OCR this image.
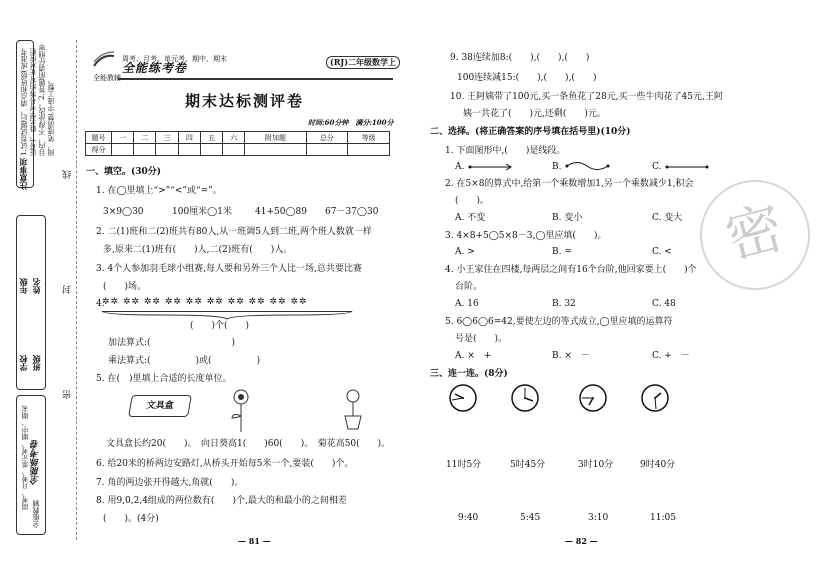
注意事项
1.试卷试题后，请点和班级(或准考证号)、姓名学考号等均写在对应栏目内，不得涂改。2.答题前请仔细审阅、笔迹清楚,字迹工整。
线
学校
年级
班级
姓名 封
密
全能练考卷
周考、月考、单元考、期中、期末
全能教辅
全能教辅
周考、月考、单元考、期中、期末
全能练考卷	(RJ)二年级数学上
期末达标测评卷
时间:60分钟　满分:100分
题号	一	二	三	四	五	六	附加题	总分	等级
得分									
一、填空。(30分)
1. 在◯里填上“>”“<”或“=”。
3×9◯30	100厘米◯1米	41+50◯89 67－37◯30
2. 二(1)班和二(2)班共有80人,从一班调5人到二班,两个班人数就一样
多,原来二(1)班有(　　)人,二(2)班有(　　)人。
3. 4个人参加羽毛球小组赛,每人要和另外三个人比一场,总共要比赛
(　　)场。
4.
✲✲ ✲✲ ✲✲ ✲✲ ✲✲ ✲✲ ✲✲ ✲✲ ✲✲ ✲✲
(　　)个(　　)
加法算式:(　　　　　　　　　)
乘法算式:(　　　　　)或(　　　　　)
5. 在(　)里填上合适的长度单位。
文具盒
文具盒长约20(　　)。　向日葵高1(　　)60(　　)。　菊花高50(　　)。
6. 给20米的桥两边安路灯,从桥头开始每5米一个,要装(　　)个。
7. 角的两边张开得越大,角就(　　)。
8. 用9,0,2,4组成的两位数有(　　)个,最大的和最小的之间相差
(　　)。(4分)
— 81 —
9. 38连续加8:(　　),(　　),(　　)
100连续减15:(　　),(　　),(　　)
10. 王阿姨带了100元,买一条鱼花了28元,买一些牛肉花了45元,王阿
姨一共花了(　　)元,还剩(　　)元。
二、选择。(将正确答案的序号填在括号里)(10分)
1. 下面图形中,(　　)是线段。
A.	B.	C.
2. 在5×8的算式中,给第一个乘数增加1,另一个乘数减少1,积会
(　　)。
A. 不变	B. 变小	C. 变大
3. 4×8+5◯5×8－3,◯里应填(　　)。
A. >	B. =	C. <
4. 小王家住在四楼,每两层之间有16个台阶,他回家要上(　　)个
台阶。
A. 16	B. 32	C. 48
5. 6◯6◯6=42,要使左边的等式成立,◯里应填的运算符
号是(　　)。
A. ×　+	B. ×　－	C. +　－
三、连一连。(8分)
11时5分	5时45分	3时10分	9时40分
9:40	5:45	3:10	11:05
— 82 —
密
